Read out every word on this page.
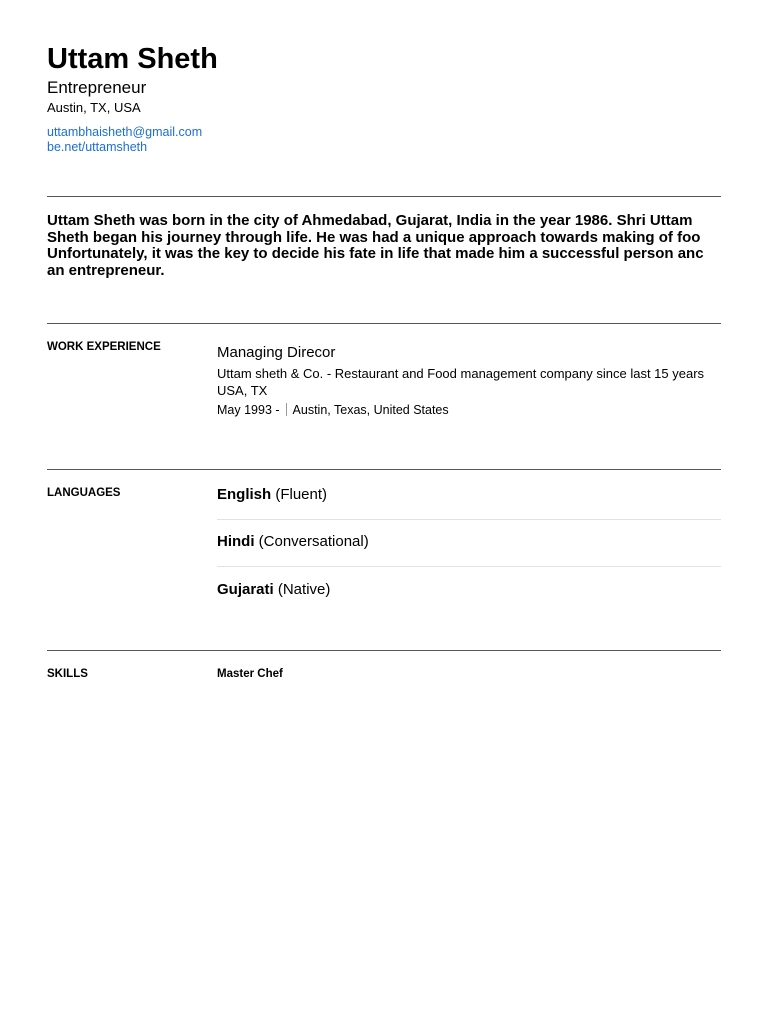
Uttam Sheth
Entrepreneur
Austin, TX, USA
uttambhaisheth@gmail.com
be.net/uttamsheth
Uttam Sheth was born in the city of Ahmedabad, Gujarat, India in the year 1986. Shri Uttam
Sheth began his journey through life. He was had a unique approach towards making of foo
Unfortunately, it was the key to decide his fate in life that made him a successful person anc
an entrepreneur.
WORK EXPERIENCE	Managing Direcor
Uttam sheth & Co. - Restaurant and Food management company since last 15 years
USA, TX
May 1993 - Austin, Texas, United States
LANGUAGES	English (Fluent)
Hindi (Conversational)
Gujarati (Native)
SKILLS	Master Chef
